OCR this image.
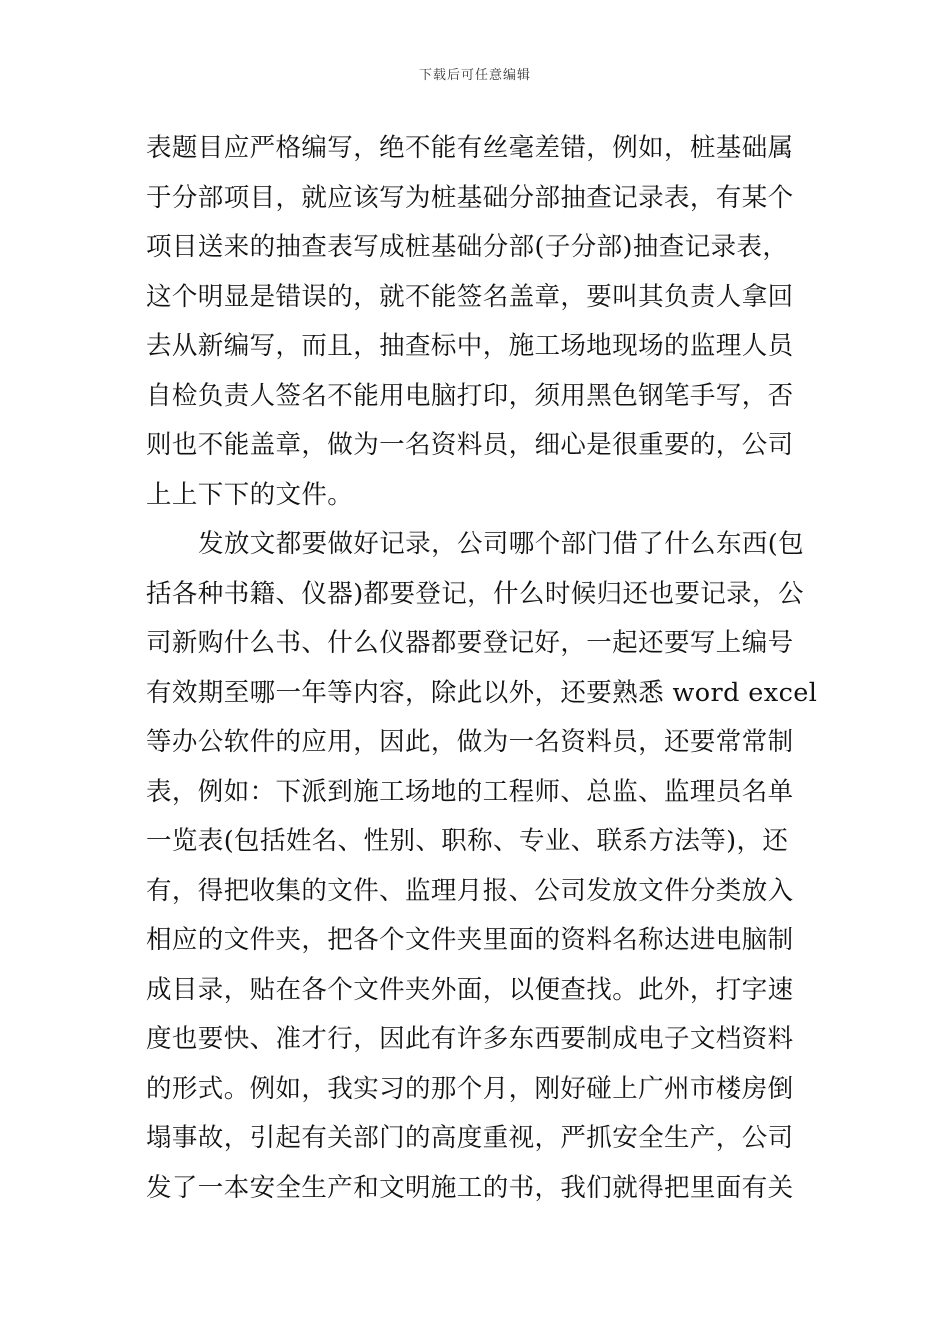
下载后可任意编辑
表题目应严格编写，绝不能有丝毫差错，例如，桩基础属
于分部项目，就应该写为桩基础分部抽查记录表，有某个
项目送来的抽查表写成桩基础分部(子分部)抽查记录表，
这个明显是错误的，就不能签名盖章，要叫其负责人拿回
去从新编写，而且，抽查标中，施工场地现场的监理人员
自检负责人签名不能用电脑打印，须用黑色钢笔手写，否
则也不能盖章，做为一名资料员，细心是很重要的，公司
上上下下的文件。
发放文都要做好记录，公司哪个部门借了什么东西(包
括各种书籍、仪器)都要登记，什么时候归还也要记录，公
司新购什么书、什么仪器都要登记好，一起还要写上编号
有效期至哪一年等内容，除此以外，还要熟悉 word excel
等办公软件的应用，因此，做为一名资料员，还要常常制
表，例如：下派到施工场地的工程师、总监、监理员名单
一览表(包括姓名、性别、职称、专业、联系方法等)，还
有，得把收集的文件、监理月报、公司发放文件分类放入
相应的文件夹，把各个文件夹里面的资料名称达进电脑制
成目录，贴在各个文件夹外面，以便查找。此外，打字速
度也要快、准才行，因此有许多东西要制成电子文档资料
的形式。例如，我实习的那个月，刚好碰上广州市楼房倒
塌事故，引起有关部门的高度重视，严抓安全生产，公司
发了一本安全生产和文明施工的书，我们就得把里面有关
